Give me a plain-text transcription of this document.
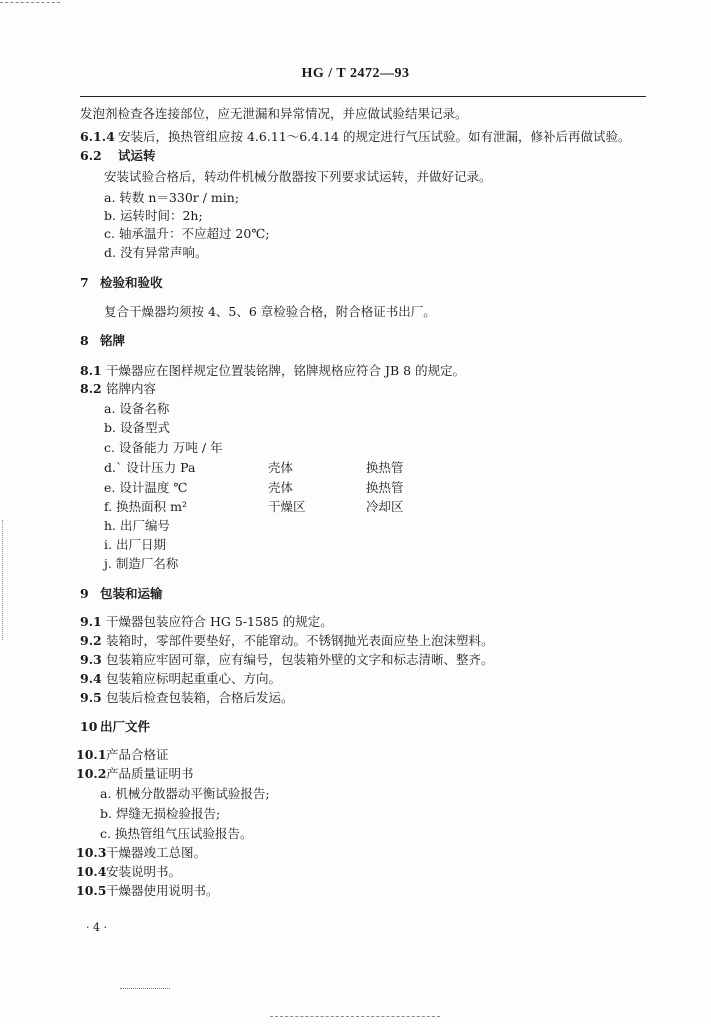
HG / T 2472—93
发泡剂检查各连接部位，应无泄漏和异常情况，并应做试验结果记录。
6.1.4 安装后，换热管组应按 4.6.11～6.4.14 的规定进行气压试验。如有泄漏，修补后再做试验。
6.2 试运转
安装试验合格后，转动件机械分散器按下列要求试运转，并做好记录。
a. 转数 n＝330r / min;
b. 运转时间：2h;
c. 轴承温升：不应超过 20℃;
d. 没有异常声响。
7 检验和验收
复合干燥器均须按 4、5、6 章检验合格，附合格证书出厂。
8 铭牌
8.1 干燥器应在图样规定位置装铭牌，铭牌规格应符合 JB 8 的规定。
8.2 铭牌内容
a. 设备名称
b. 设备型式
c. 设备能力 万吨 / 年
d.` 设计压力 Pa	壳体	换热管
e. 设计温度 ℃	壳体	换热管
f. 换热面积 m²	干燥区	冷却区
h. 出厂编号
i. 出厂日期
j. 制造厂名称
9 包装和运输
9.1 干燥器包装应符合 HG 5-1585 的规定。
9.2 装箱时，零部件要垫好，不能窜动。不锈钢抛光表面应垫上泡沫塑料。
9.3 包装箱应牢固可靠，应有编号，包装箱外壁的文字和标志清晰、整齐。
9.4 包装箱应标明起重重心、方向。
9.5 包装后检查包装箱，合格后发运。
10 出厂文件
10.1产品合格证
10.2产品质量证明书
a. 机械分散器动平衡试验报告;
b. 焊缝无损检验报告;
c. 换热管组气压试验报告。
10.3干燥器竣工总图。
10.4安装说明书。
10.5干燥器使用说明书。
· 4 ·
